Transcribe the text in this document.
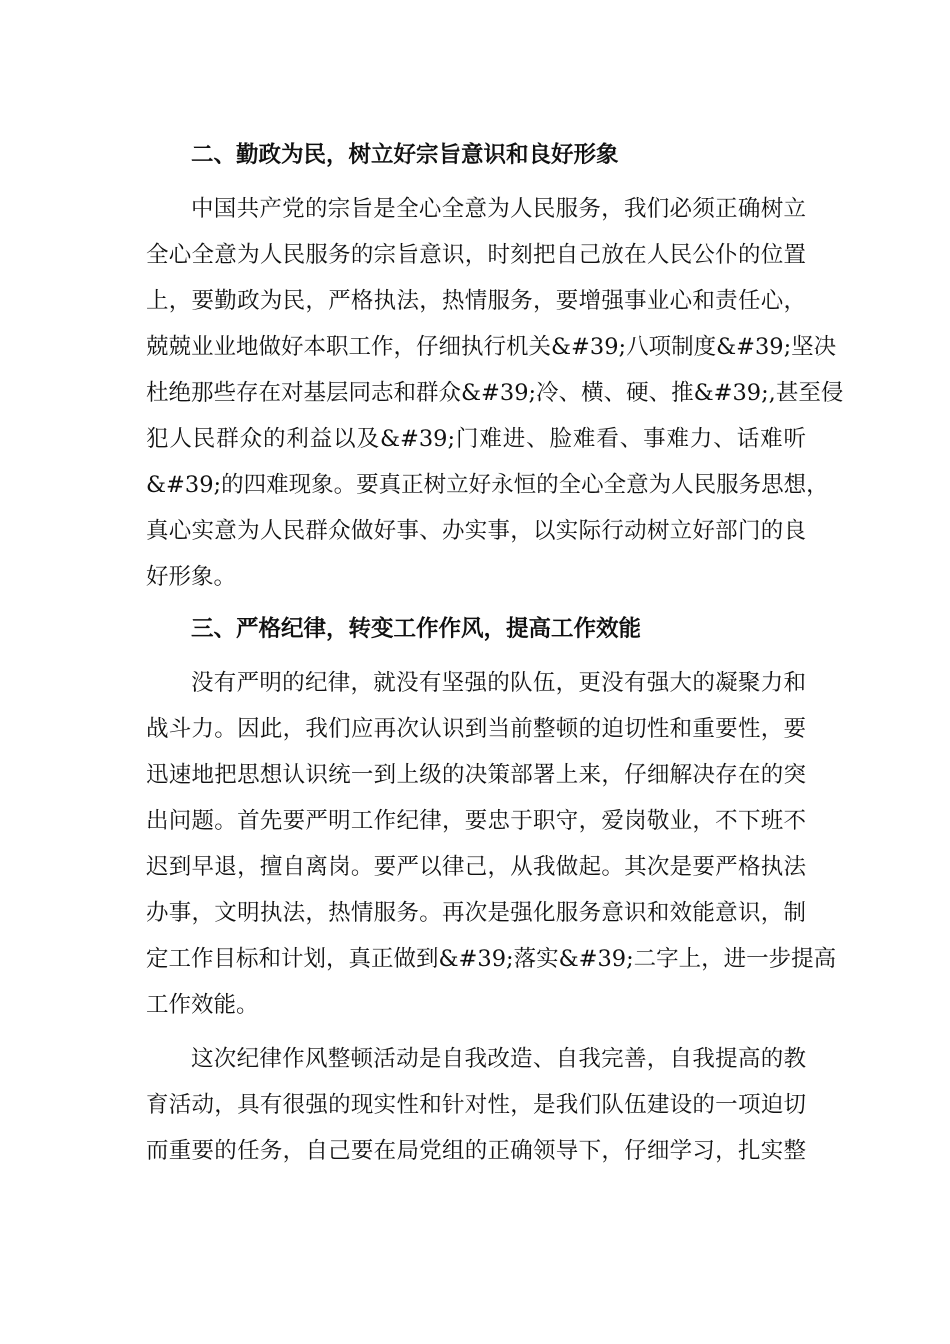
二、勤政为民，树立好宗旨意识和良好形象

中国共产党的宗旨是全心全意为人民服务，我们必须正确树立
全心全意为人民服务的宗旨意识，时刻把自己放在人民公仆的位置
上，要勤政为民，严格执法，热情服务，要增强事业心和责任心，
兢兢业业地做好本职工作，仔细执行机关&#39;八项制度&#39;坚决
杜绝那些存在对基层同志和群众&#39;冷、横、硬、推&#39;,甚至侵
犯人民群众的利益以及&#39;门难进、脸难看、事难力、话难听
&#39;的四难现象。要真正树立好永恒的全心全意为人民服务思想，
真心实意为人民群众做好事、办实事，以实际行动树立好部门的良
好形象。

三、严格纪律，转变工作作风，提高工作效能

没有严明的纪律，就没有坚强的队伍，更没有强大的凝聚力和
战斗力。因此，我们应再次认识到当前整顿的迫切性和重要性，要
迅速地把思想认识统一到上级的决策部署上来，仔细解决存在的突
出问题。首先要严明工作纪律，要忠于职守，爱岗敬业，不下班不
迟到早退，擅自离岗。要严以律己，从我做起。其次是要严格执法
办事，文明执法，热情服务。再次是强化服务意识和效能意识，制
定工作目标和计划，真正做到&#39;落实&#39;二字上，进一步提高
工作效能。

这次纪律作风整顿活动是自我改造、自我完善，自我提高的教
育活动，具有很强的现实性和针对性，是我们队伍建设的一项迫切
而重要的任务，自己要在局党组的正确领导下，仔细学习，扎实整
